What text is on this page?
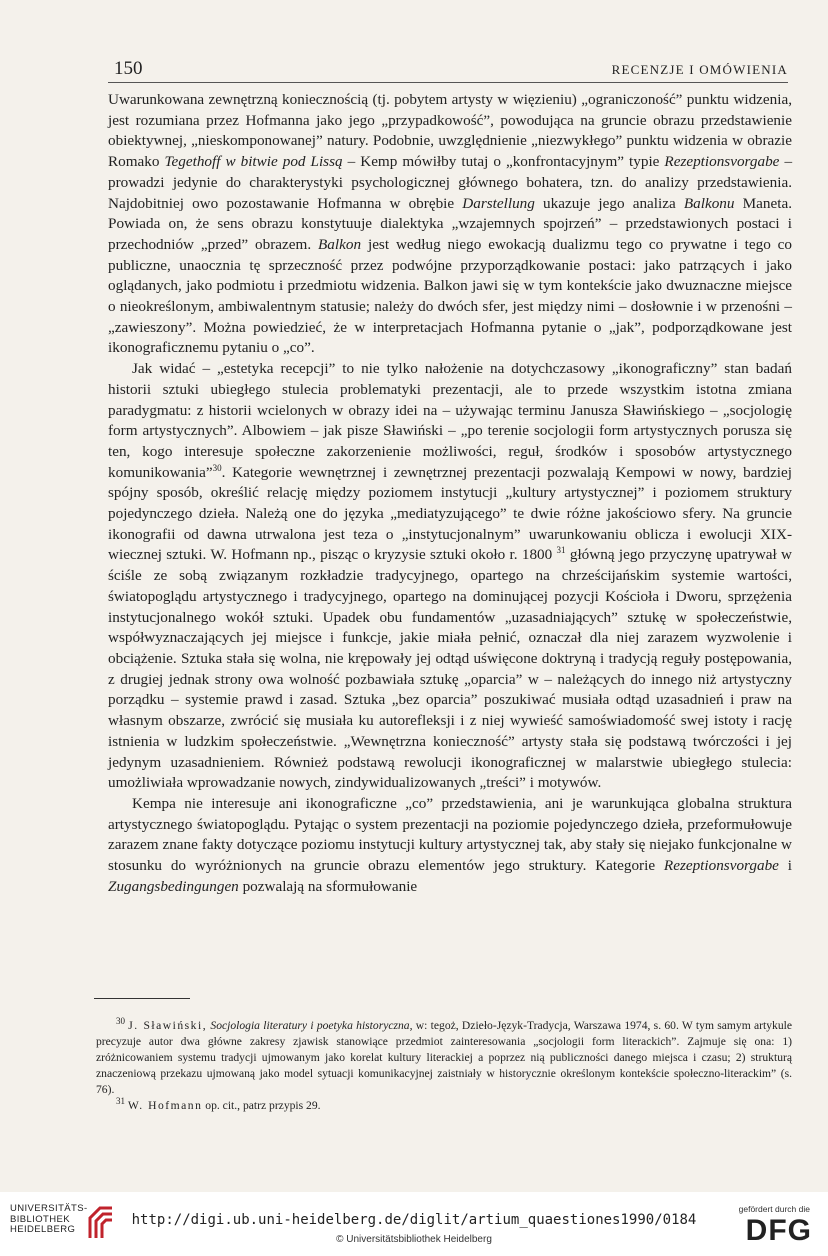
150	RECENZJE I OMÓWIENIA

Uwarunkowana zewnętrzną koniecznością (tj. pobytem artysty w więzieniu) „ograniczoność” punktu widzenia, jest rozumiana przez Hofmanna jako jego „przypadkowość”, powodująca na gruncie obrazu przedstawienie obiektywnej, „nieskomponowanej” natury. Podobnie, uwzględnienie „niezwykłego” punktu widzenia w obrazie Romako Tegethoff w bitwie pod Lissą – Kemp mówiłby tutaj o „konfrontacyjnym” typie Rezeptionsvorgabe – prowadzi jedynie do charakterystyki psychologicznej głównego bohatera, tzn. do analizy przedstawienia. Najdobitniej owo pozostawanie Hofmanna w obrębie Darstellung ukazuje jego analiza Balkonu Maneta. Powiada on, że sens obrazu konstytuuje dialektyka „wzajemnych spojrzeń” – przedstawionych postaci i przechodniów „przed” obrazem. Balkon jest według niego ewokacją dualizmu tego co prywatne i tego co publiczne, unaocznia tę sprzeczność przez podwójne przyporządkowanie postaci: jako patrzących i jako oglądanych, jako podmiotu i przedmiotu widzenia. Balkon jawi się w tym kontekście jako dwuznaczne miejsce o nieokreślonym, ambiwalentnym statusie; należy do dwóch sfer, jest między nimi – dosłownie i w przenośni – „zawieszony”. Można powiedzieć, że w interpretacjach Hofmanna pytanie o „jak”, podporządkowane jest ikonograficznemu pytaniu o „co”.

Jak widać – „estetyka recepcji” to nie tylko nałożenie na dotychczasowy „ikonograficzny” stan badań historii sztuki ubiegłego stulecia problematyki prezentacji, ale to przede wszystkim istotna zmiana paradygmatu: z historii wcielonych w obrazy idei na – używając terminu Janusza Sławińskiego – „socjologię form artystycznych”. Albowiem – jak pisze Sławiński – „po terenie socjologii form artystycznych porusza się ten, kogo interesuje społeczne zakorzenienie możliwości, reguł, środków i sposobów artystycznego komunikowania”$^{30}$. Kategorie wewnętrznej i zewnętrznej prezentacji pozwalają Kempowi w nowy, bardziej spójny sposób, określić relację między poziomem instytucji „kultury artystycznej” i poziomem struktury pojedynczego dzieła. Należą one do języka „mediatyzującego” te dwie różne jakościowo sfery. Na gruncie ikonografii od dawna utrwalona jest teza o „instytucjonalnym” uwarunkowaniu oblicza i ewolucji XIX-wiecznej sztuki. W. Hofmann np., pisząc o kryzysie sztuki około r. 1800 $^{31}$ główną jego przyczynę upatrywał w ściśle ze sobą związanym rozkładzie tradycyjnego, opartego na chrześcijańskim systemie wartości, światopoglądu artystycznego i tradycyjnego, opartego na dominującej pozycji Kościoła i Dworu, sprzężenia instytucjonalnego wokół sztuki. Upadek obu fundamentów „uzasadniających” sztukę w społeczeństwie, współwyznaczających jej miejsce i funkcje, jakie miała pełnić, oznaczał dla niej zarazem wyzwolenie i obciążenie. Sztuka stała się wolna, nie krępowały jej odtąd uświęcone doktryną i tradycją reguły postępowania, z drugiej jednak strony owa wolność pozbawiała sztukę „oparcia” w – należących do innego niż artystyczny porządku – systemie prawd i zasad. Sztuka „bez oparcia” poszukiwać musiała odtąd uzasadnień i praw na własnym obszarze, zwrócić się musiała ku autorefleksji i z niej wywieść samoświadomość swej istoty i rację istnienia w ludzkim społeczeństwie. „Wewnętrzna konieczność” artysty stała się podstawą twórczości i jej jedynym uzasadnieniem. Również podstawą rewolucji ikonograficznej w malarstwie ubiegłego stulecia: umożliwiała wprowadzanie nowych, zindywidualizowanych „treści” i motywów.

Kempa nie interesuje ani ikonograficzne „co” przedstawienia, ani je warunkująca globalna struktura artystycznego światopoglądu. Pytając o system prezentacji na poziomie pojedynczego dzieła, przeformułowuje zarazem znane fakty dotyczące poziomu instytucji kultury artystycznej tak, aby stały się niejako funkcjonalne w stosunku do wyróżnionych na gruncie obrazu elementów jego struktury. Kategorie Rezeptionsvorgabe i Zugangsbedingungen pozwalają na sformułowanie

$^{30}$ J. Sławiński, Socjologia literatury i poetyka historyczna, w: tegoż, Dzieło-Język-Tradycja, Warszawa 1974, s. 60. W tym samym artykule precyzuje autor dwa główne zakresy zjawisk stanowiące przedmiot zainteresowania „socjologii form literackich”. Zajmuje się ona: 1) zróżnicowaniem systemu tradycji ujmowanym jako korelat kultury literackiej a poprzez nią publiczności danego miejsca i czasu; 2) strukturą znaczeniową przekazu ujmowaną jako model sytuacji komunikacyjnej zaistniały w historycznie określonym kontekście społeczno-literackim” (s. 76).

$^{31}$ W. Hofmann op. cit., patrz przypis 29.

UNIVERSITÄTS-
BIBLIOTHEK
HEIDELBERG
http://digi.ub.uni-heidelberg.de/diglit/artium_quaestiones1990/0184
© Universitätsbibliothek Heidelberg
gefördert durch die
DFG
